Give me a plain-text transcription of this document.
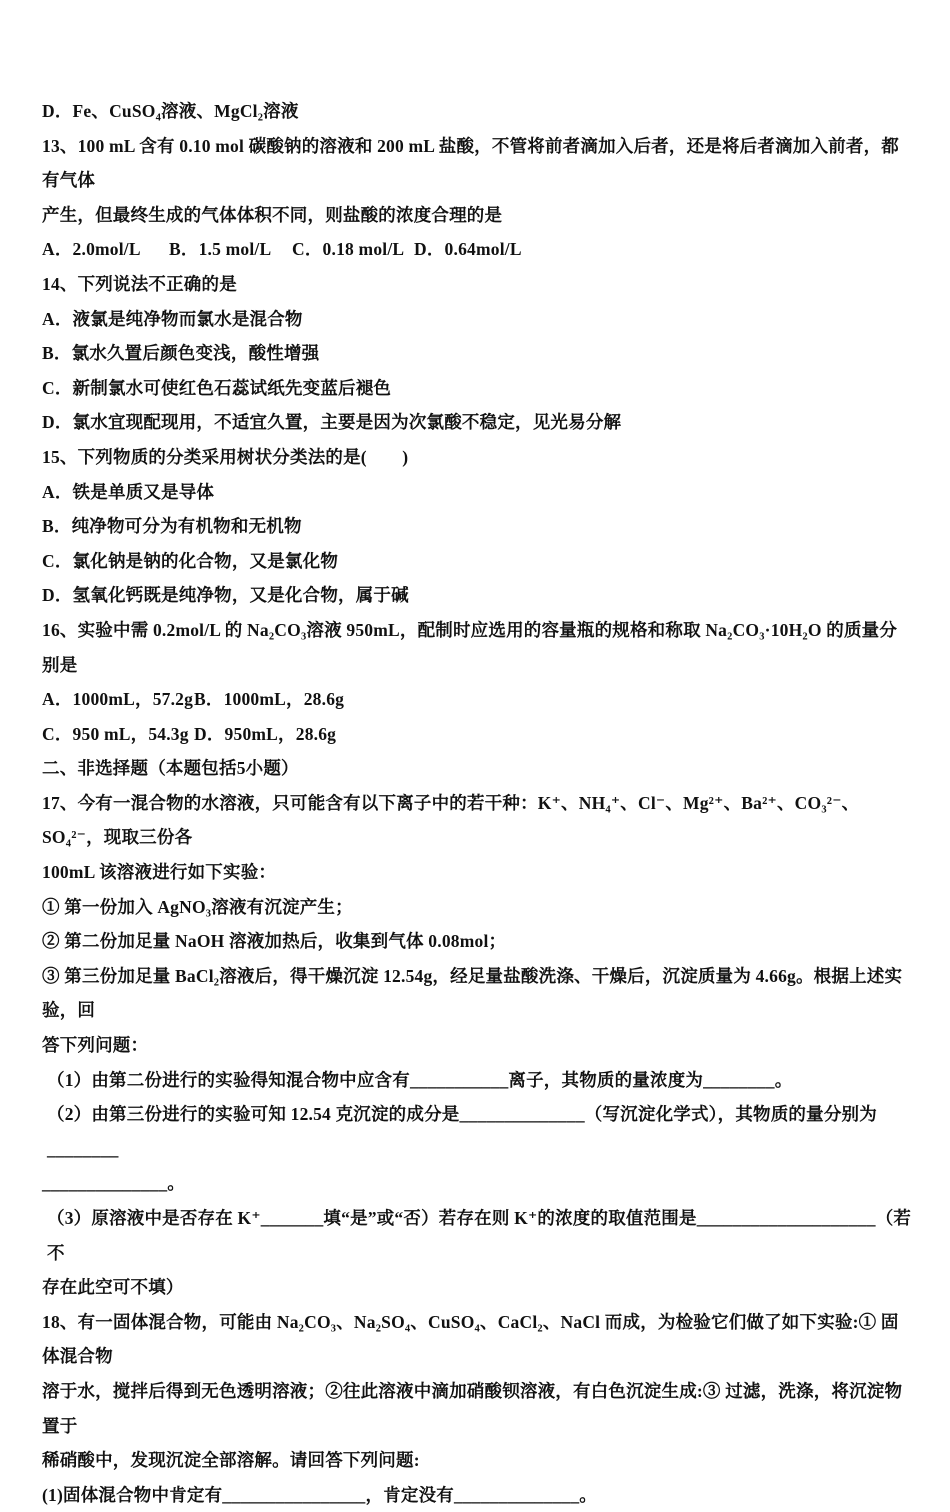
D．Fe、CuSO₄溶液、MgCl₂溶液
13、100 mL 含有 0.10 mol 碳酸钠的溶液和 200 mL 盐酸，不管将前者滴加入后者，还是将后者滴加入前者，都有气体
产生，但最终生成的气体体积不同，则盐酸的浓度合理的是
A．2.0mol/L	B．1.5 mol/L	C．0.18 mol/L D．0.64mol/L
14、下列说法不正确的是
A．液氯是纯净物而氯水是混合物
B．氯水久置后颜色变浅，酸性增强
C．新制氯水可使红色石蕊试纸先变蓝后褪色
D．氯水宜现配现用，不适宜久置，主要是因为次氯酸不稳定，见光易分解
15、下列物质的分类采用树状分类法的是(　　)
A．铁是单质又是导体
B．纯净物可分为有机物和无机物
C．氯化钠是钠的化合物，又是氯化物
D．氢氧化钙既是纯净物，又是化合物，属于碱
16、实验中需 0.2mol/L 的 Na₂CO₃溶液 950mL，配制时应选用的容量瓶的规格和称取 Na₂CO₃·10H₂O 的质量分别是
A．1000mL，57.2g B．1000mL，28.6g
C．950 mL，54.3g D．950mL，28.6g
二、非选择题（本题包括5小题）
17、今有一混合物的水溶液，只可能含有以下离子中的若干种：K⁺、NH₄⁺、Cl⁻、Mg²⁺、Ba²⁺、CO₃²⁻、SO₄²⁻，现取三份各
100mL 该溶液进行如下实验：
① 第一份加入 AgNO₃溶液有沉淀产生；
② 第二份加足量 NaOH 溶液加热后，收集到气体 0.08mol；
③ 第三份加足量 BaCl₂溶液后，得干燥沉淀 12.54g，经足量盐酸洗涤、干燥后，沉淀质量为 4.66g。根据上述实验，回
答下列问题：
（1）由第二份进行的实验得知混合物中应含有___________离子，其物质的量浓度为________。
（2）由第三份进行的实验可知 12.54 克沉淀的成分是______________（写沉淀化学式），其物质的量分别为________
______________。
（3）原溶液中是否存在 K⁺_______填“是”或“否）若存在则 K⁺的浓度的取值范围是____________________（若不
存在此空可不填）
18、有一固体混合物，可能由 Na₂CO₃、Na₂SO₄、CuSO₄、CaCl₂、NaCl 而成，为检验它们做了如下实验:① 固体混合物
溶于水，搅拌后得到无色透明溶液；②往此溶液中滴加硝酸钡溶液，有白色沉淀生成:③ 过滤，洗涤，将沉淀物置于
稀硝酸中，发现沉淀全部溶解。请回答下列问题:
(1)固体混合物中肯定有________________，肯定没有______________。
